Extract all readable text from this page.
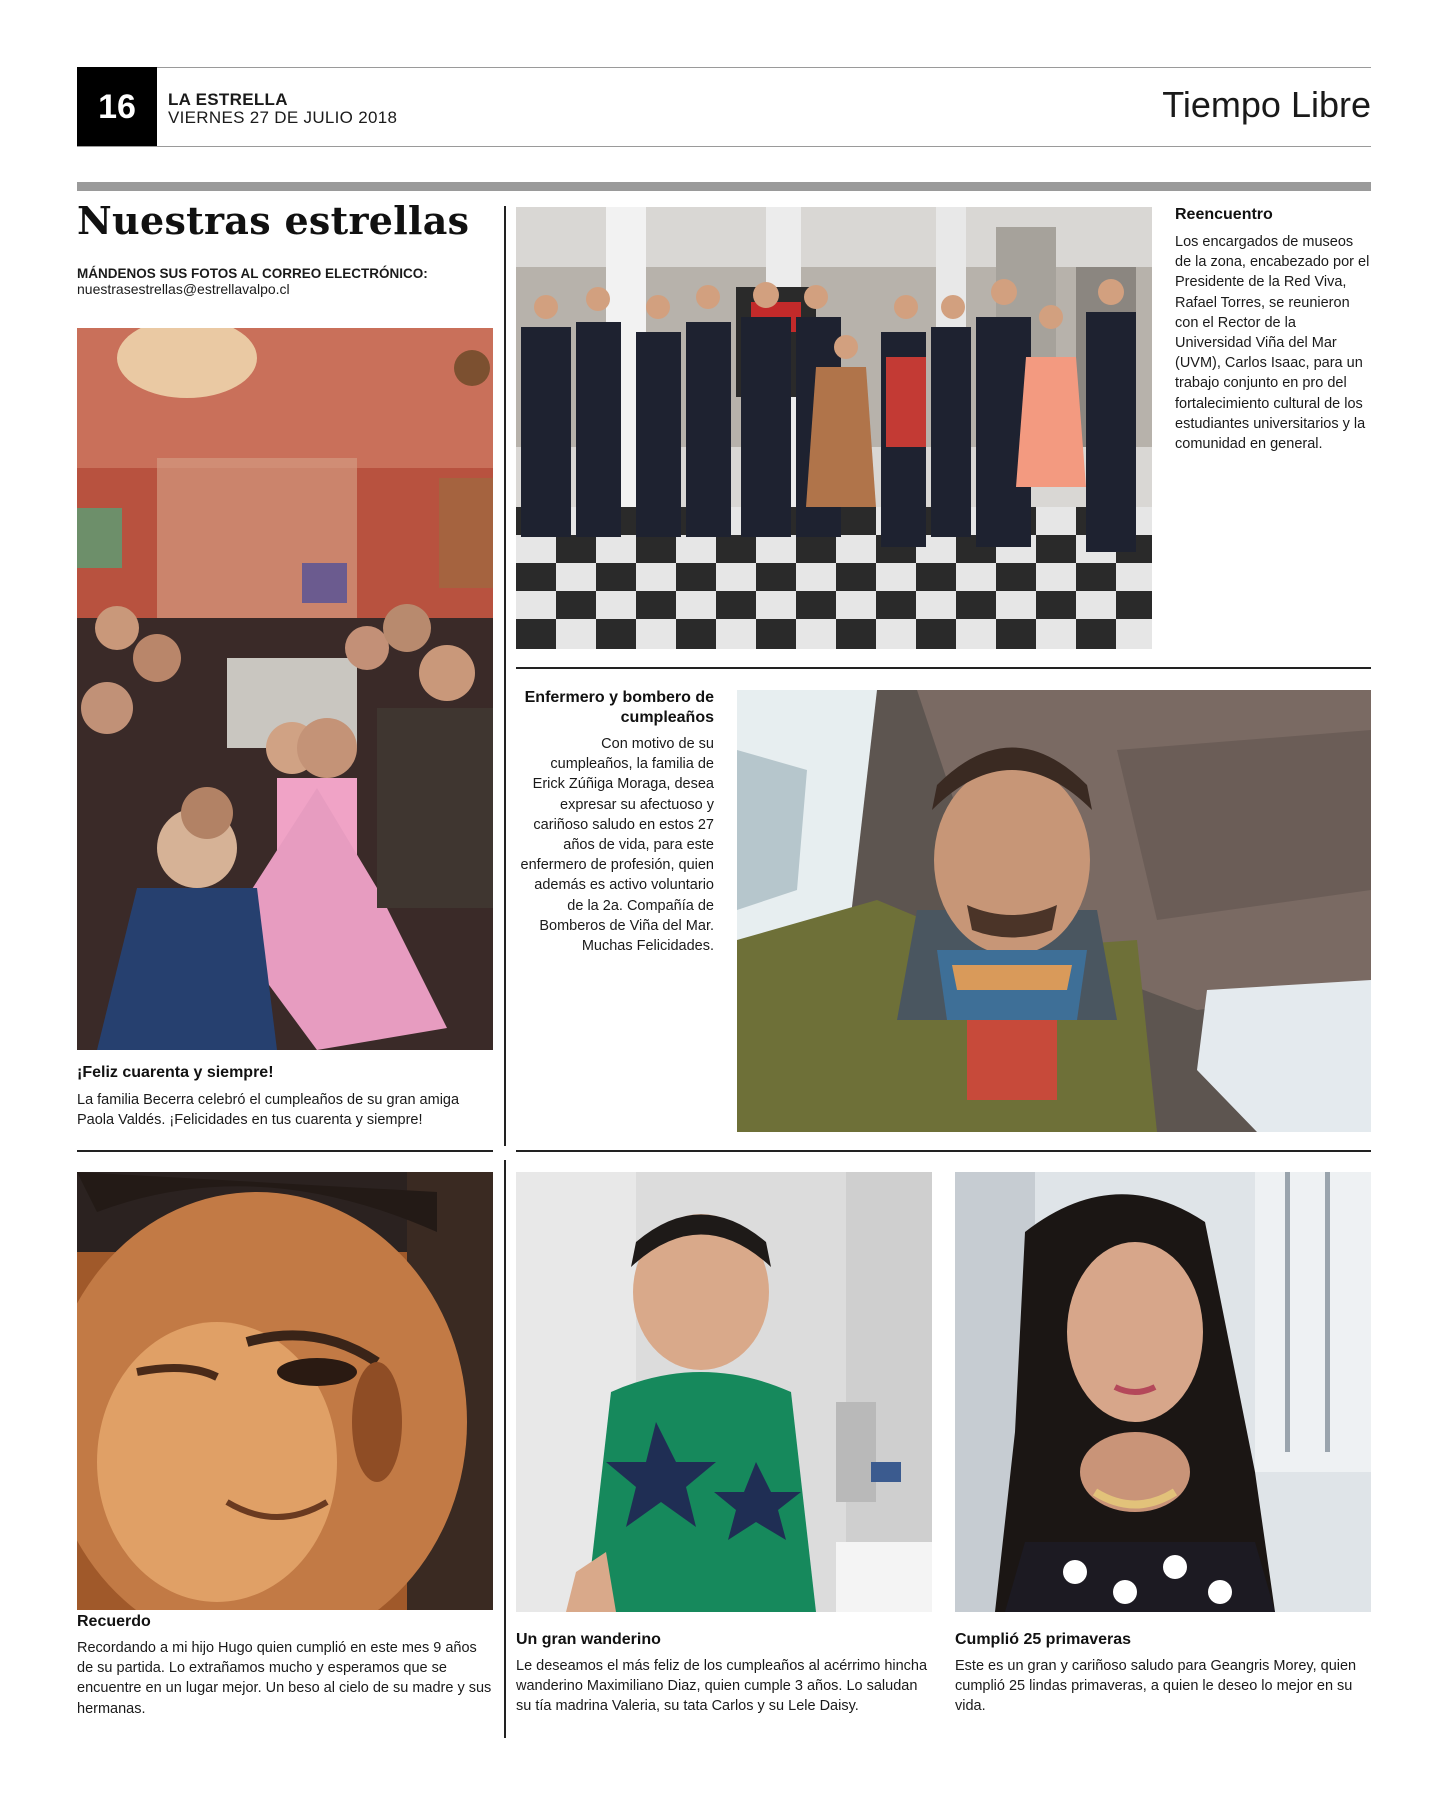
16	LA ESTRELLA
VIERNES 27 DE JULIO 2018	Tiempo Libre
Nuestras estrellas
MÁNDENOS SUS FOTOS AL CORREO ELECTRÓNICO:
nuestrasestrellas@estrellavalpo.cl
¡Feliz cuarenta y siempre!
La familia Becerra celebró el cumpleaños de su gran amiga Paola Valdés. ¡Felicidades en tus cuarenta y siempre!
Reencuentro
Los encargados de museos de la zona, encabezado por el Presidente de la Red Viva, Rafael Torres, se reunieron con el Rector de la Universidad Viña del Mar (UVM), Carlos Isaac, para un trabajo conjunto en pro del fortalecimiento cultural de los estudiantes universitarios y la comunidad en general.
Enfermero y bombero de cumpleaños
Con motivo de su cumpleaños, la familia de Erick Zúñiga Moraga, desea expresar su afectuoso y cariñoso saludo en estos 27 años de vida, para este enfermero de profesión, quien además es activo voluntario de la 2a. Compañía de Bomberos de Viña del Mar. Muchas Felicidades.
Recuerdo
Recordando a mi hijo Hugo quien cumplió en este mes 9 años de su partida. Lo extrañamos mucho y esperamos que se encuentre en un lugar mejor. Un beso al cielo de su madre y sus hermanas.
Un gran wanderino
Le deseamos el más feliz de los cumpleaños al acérrimo hincha wanderino Maximiliano Diaz, quien cumple 3 años. Lo saludan su tía madrina Valeria, su tata Carlos y su Lele Daisy.
Cumplió 25 primaveras
Este es un gran y cariñoso saludo para Geangris Morey, quien cumplió 25 lindas primaveras, a quien le deseo lo mejor en su vida.
